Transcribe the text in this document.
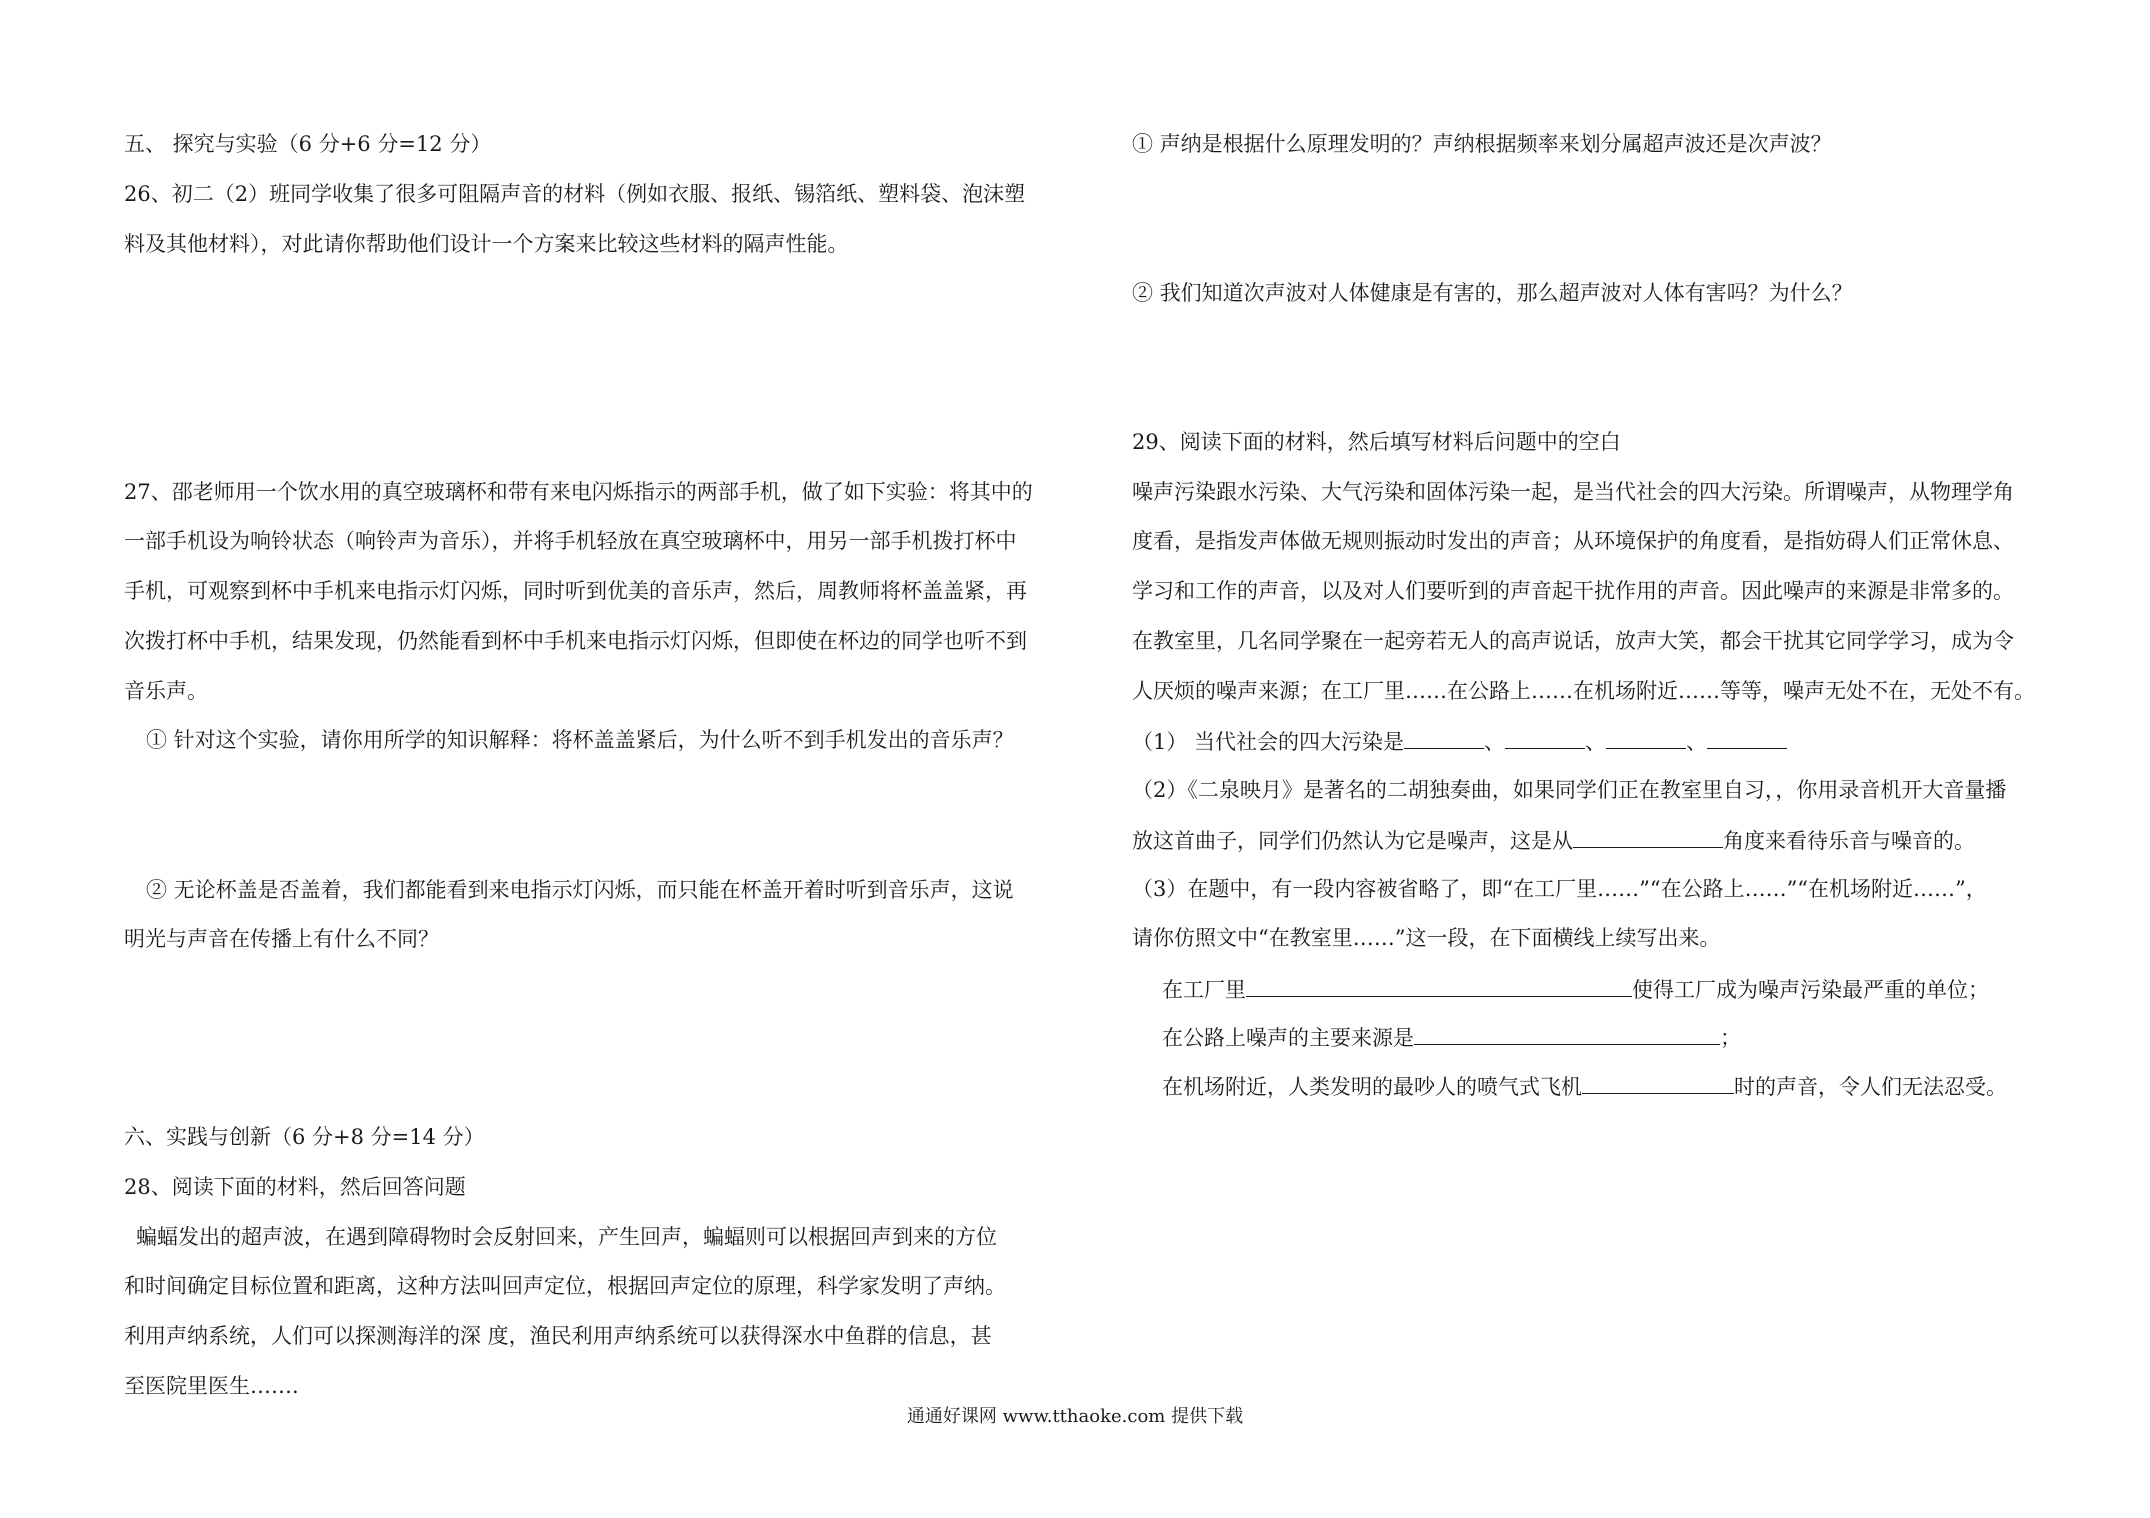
五、 探究与实验（6 分+6 分=12 分）
26、初二（2）班同学收集了很多可阻隔声音的材料（例如衣服、报纸、锡箔纸、塑料袋、泡沫塑
料及其他材料），对此请你帮助他们设计一个方案来比较这些材料的隔声性能。
27、邵老师用一个饮水用的真空玻璃杯和带有来电闪烁指示的两部手机，做了如下实验：将其中的
一部手机设为响铃状态（响铃声为音乐），并将手机轻放在真空玻璃杯中，用另一部手机拨打杯中
手机，可观察到杯中手机来电指示灯闪烁，同时听到优美的音乐声，然后，周教师将杯盖盖紧，再
次拨打杯中手机，结果发现，仍然能看到杯中手机来电指示灯闪烁，但即使在杯边的同学也听不到
音乐声。
① 针对这个实验，请你用所学的知识解释：将杯盖盖紧后，为什么听不到手机发出的音乐声？
② 无论杯盖是否盖着，我们都能看到来电指示灯闪烁，而只能在杯盖开着时听到音乐声，这说
明光与声音在传播上有什么不同？
六、实践与创新（6 分+8 分=14 分）
28、阅读下面的材料，然后回答问题
蝙蝠发出的超声波，在遇到障碍物时会反射回来，产生回声，蝙蝠则可以根据回声到来的方位
和时间确定目标位置和距离，这种方法叫回声定位，根据回声定位的原理，科学家发明了声纳。
利用声纳系统，人们可以探测海洋的深 度，渔民利用声纳系统可以获得深水中鱼群的信息，甚
至医院里医生…….
① 声纳是根据什么原理发明的？声纳根据频率来划分属超声波还是次声波？
② 我们知道次声波对人体健康是有害的，那么超声波对人体有害吗？为什么？
29、阅读下面的材料，然后填写材料后问题中的空白
噪声污染跟水污染、大气污染和固体污染一起，是当代社会的四大污染。所谓噪声，从物理学角
度看，是指发声体做无规则振动时发出的声音；从环境保护的角度看，是指妨碍人们正常休息、
学习和工作的声音，以及对人们要听到的声音起干扰作用的声音。因此噪声的来源是非常多的。
在教室里，几名同学聚在一起旁若无人的高声说话，放声大笑，都会干扰其它同学学习，成为令
人厌烦的噪声来源；在工厂里……在公路上……在机场附近……等等，噪声无处不在，无处不有。
（1） 当代社会的四大污染是	、	、	、
（2）《二泉映月》是著名的二胡独奏曲，如果同学们正在教室里自习，，你用录音机开大音量播
放这首曲子，同学们仍然认为它是噪声，这是从	角度来看待乐音与噪音的。
（3）在题中，有一段内容被省略了，即“在工厂里……”“在公路上……”“在机场附近……”，
请你仿照文中“在教室里……”这一段，在下面横线上续写出来。
在工厂里	使得工厂成为噪声污染最严重的单位；
在公路上噪声的主要来源是	；
在机场附近，人类发明的最吵人的喷气式飞机	时的声音，令人们无法忍受。
通通好课网 www.tthaoke.com 提供下载
